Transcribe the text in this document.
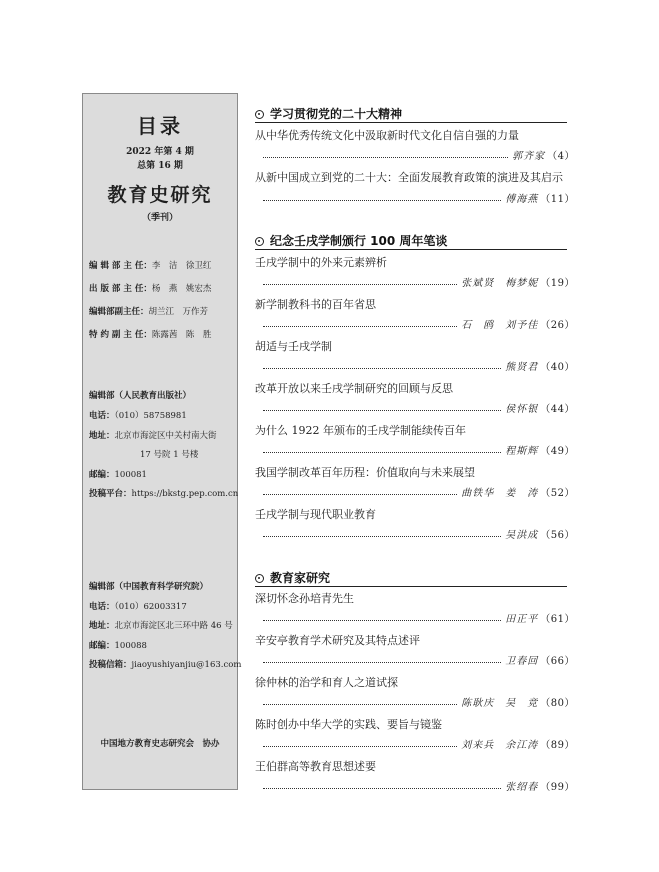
目录
2022 年第 4 期
总第 16 期
教育史研究
（季刊）
编 辑 部 主 任：李　洁　徐卫红
出 版 部 主 任：杨　燕　姚宏杰
编辑部副主任：胡兰江　万作芳
特 约 副 主 任：陈露茜　陈　胜
编辑部（人民教育出版社）
电话：（010）58758981
地址：北京市海淀区中关村南大街
17 号院 1 号楼
邮编：100081
投稿平台：https://bkstg.pep.com.cn
编辑部（中国教育科学研究院）
电话：（010）62003317
地址：北京市海淀区北三环中路 46 号
邮编：100088
投稿信箱：jiaoyushiyanjiu@163.com
中国地方教育史志研究会　协办
学习贯彻党的二十大精神
从中华优秀传统文化中汲取新时代文化自信自强的力量
郭齐家 （4）
从新中国成立到党的二十大：全面发展教育政策的演进及其启示
傅海燕 （11）
纪念壬戌学制颁行 100 周年笔谈
壬戌学制中的外来元素辨析
张斌贤　梅梦妮 （19）
新学制教科书的百年省思
石　鸥　刘予佳 （26）
胡适与壬戌学制
熊贤君 （40）
改革开放以来壬戌学制研究的回顾与反思
侯怀银 （44）
为什么 1922 年颁布的壬戌学制能续传百年
程斯辉 （49）
我国学制改革百年历程：价值取向与未来展望
曲铁华　姜　涛 （52）
壬戌学制与现代职业教育
吴洪成 （56）
教育家研究
深切怀念孙培青先生
田正平 （61）
辛安亭教育学术研究及其特点述评
卫春回 （66）
徐仲林的治学和育人之道试探
陈耿庆　吴　竞 （80）
陈时创办中华大学的实践、要旨与镜鉴
刘来兵　余江涛 （89）
王伯群高等教育思想述要
张绍春 （99）
